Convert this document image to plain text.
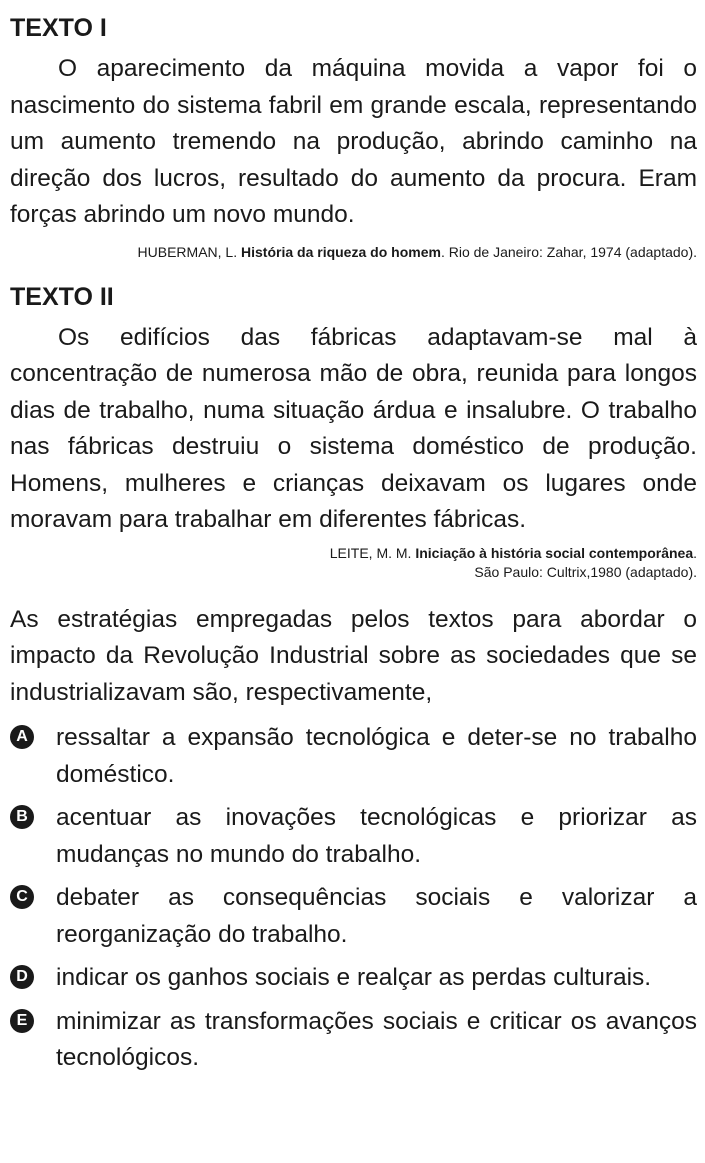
TEXTO I

O aparecimento da máquina movida a vapor foi o nascimento do sistema fabril em grande escala, representando um aumento tremendo na produção, abrindo caminho na direção dos lucros, resultado do aumento da procura. Eram forças abrindo um novo mundo.

HUBERMAN, L. História da riqueza do homem. Rio de Janeiro: Zahar, 1974 (adaptado).

TEXTO II

Os edifícios das fábricas adaptavam-se mal à concentração de numerosa mão de obra, reunida para longos dias de trabalho, numa situação árdua e insalubre. O trabalho nas fábricas destruiu o sistema doméstico de produção. Homens, mulheres e crianças deixavam os lugares onde moravam para trabalhar em diferentes fábricas.

LEITE, M. M. Iniciação à história social contemporânea.
São Paulo: Cultrix,1980 (adaptado).

As estratégias empregadas pelos textos para abordar o impacto da Revolução Industrial sobre as sociedades que se industrializavam são, respectivamente,

A ressaltar a expansão tecnológica e deter-se no trabalho doméstico.
B acentuar as inovações tecnológicas e priorizar as mudanças no mundo do trabalho.
C debater as consequências sociais e valorizar a reorganização do trabalho.
D indicar os ganhos sociais e realçar as perdas culturais.
E minimizar as transformações sociais e criticar os avanços tecnológicos.
